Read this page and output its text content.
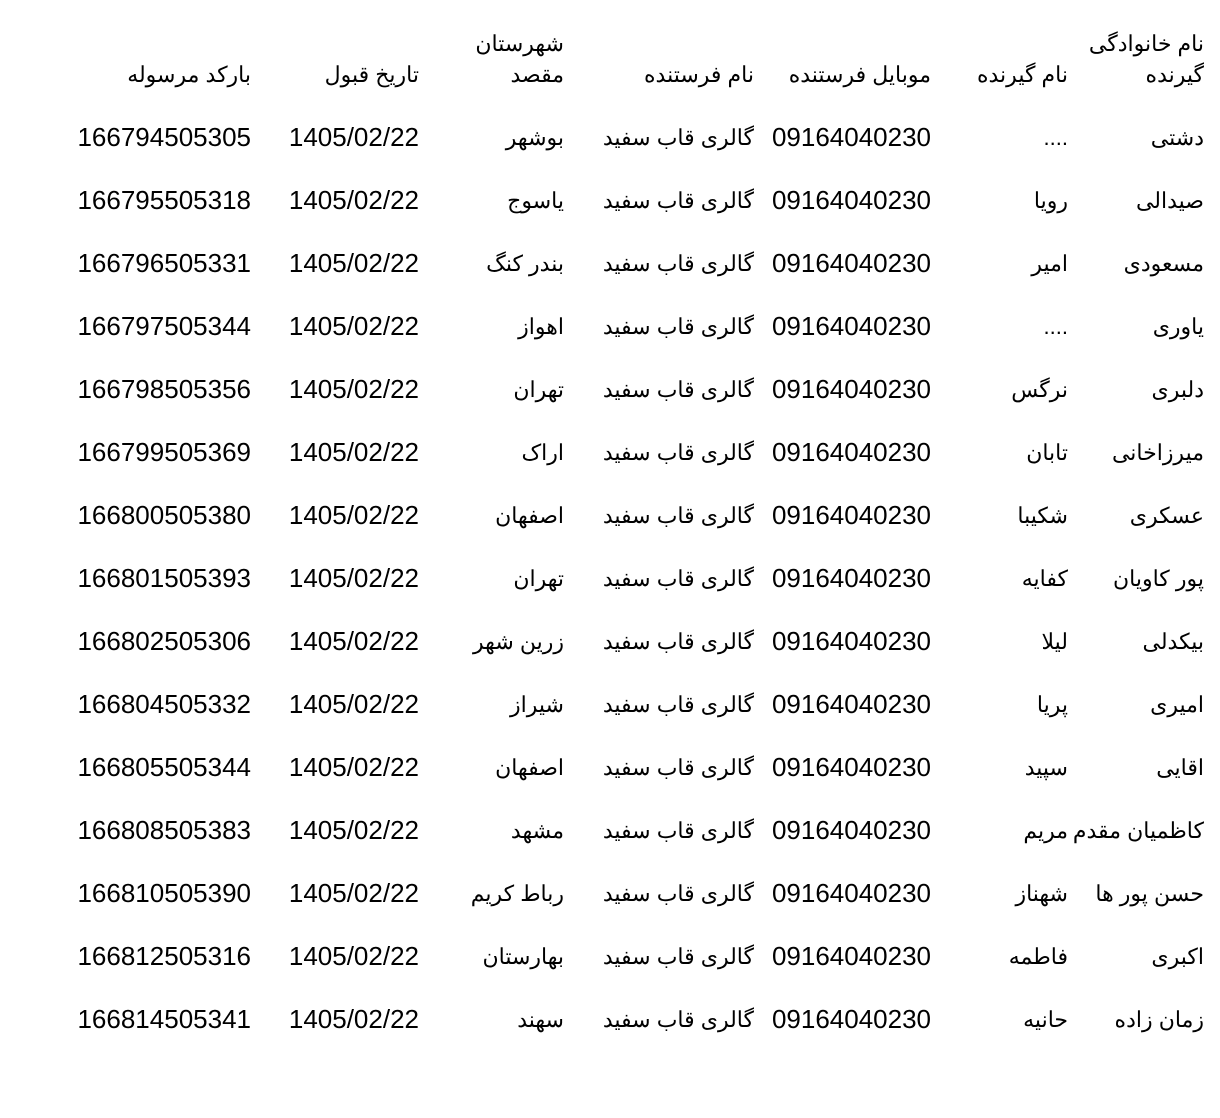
نام خانوادگی گیرنده	نام گیرنده	موبایل فرستنده	نام فرستنده	شهرستان مقصد	تاریخ قبول	بارکد مرسوله
دشتی	....	09164040230	گالری قاب سفید	بوشهر	1405/02/22	166794505305
صیدالی	رویا	09164040230	گالری قاب سفید	یاسوج	1405/02/22	166795505318
مسعودی	امیر	09164040230	گالری قاب سفید	بندر کنگ	1405/02/22	166796505331
یاوری	....	09164040230	گالری قاب سفید	اهواز	1405/02/22	166797505344
دلبری	نرگس	09164040230	گالری قاب سفید	تهران	1405/02/22	166798505356
میرزاخانی	تابان	09164040230	گالری قاب سفید	اراک	1405/02/22	166799505369
عسکری	شکیبا	09164040230	گالری قاب سفید	اصفهان	1405/02/22	166800505380
پور کاویان	کفایه	09164040230	گالری قاب سفید	تهران	1405/02/22	166801505393
بیکدلی	لیلا	09164040230	گالری قاب سفید	زرین شهر	1405/02/22	166802505306
امیری	پریا	09164040230	گالری قاب سفید	شیراز	1405/02/22	166804505332
اقایی	سپید	09164040230	گالری قاب سفید	اصفهان	1405/02/22	166805505344
کاظمیان مقدم	مریم	09164040230	گالری قاب سفید	مشهد	1405/02/22	166808505383
حسن پور ها	شهناز	09164040230	گالری قاب سفید	رباط کریم	1405/02/22	166810505390
اکبری	فاطمه	09164040230	گالری قاب سفید	بهارستان	1405/02/22	166812505316
زمان زاده	حانیه	09164040230	گالری قاب سفید	سهند	1405/02/22	166814505341
